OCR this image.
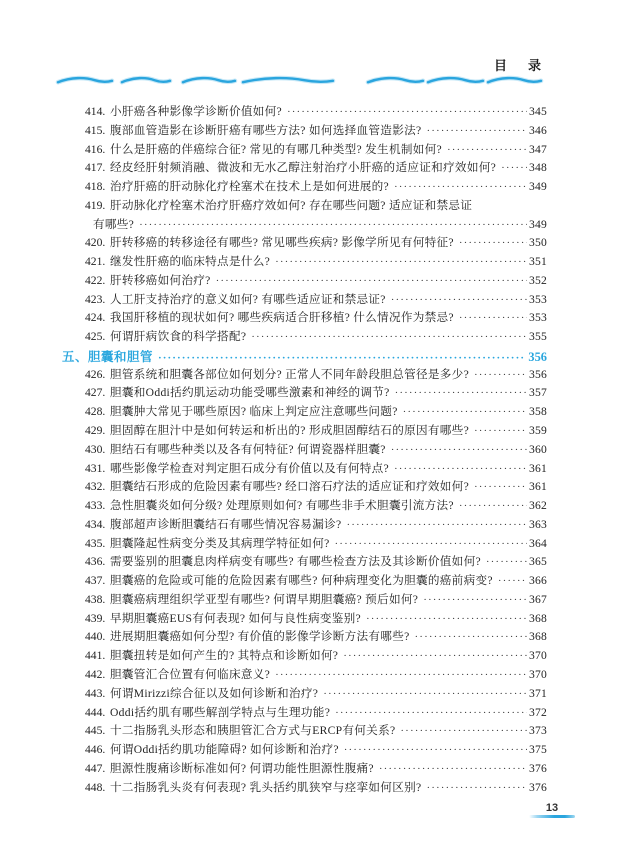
目　录
414. 小肝癌各种影像学诊断价值如何? ·····	345
415. 腹部血管造影在诊断肝癌有哪些方法? 如何选择血管造影法? ·····	346
416. 什么是肝癌的伴癌综合征? 常见的有哪几种类型? 发生机制如何? ·····	347
417. 经皮经肝射频消融、微波和无水乙醇注射治疗小肝癌的适应证和疗效如何? ·····	348
418. 治疗肝癌的肝动脉化疗栓塞术在技术上是如何进展的? ·····	349
419. 肝动脉化疗栓塞术治疗肝癌疗效如何? 存在哪些问题? 适应证和禁忌证
有哪些? ·····	349
420. 肝转移癌的转移途径有哪些? 常见哪些疾病? 影像学所见有何特征? ·····	350
421. 继发性肝癌的临床特点是什么? ·····	351
422. 肝转移癌如何治疗? ·····	352
423. 人工肝支持治疗的意义如何? 有哪些适应证和禁忌证? ·····	353
424. 我国肝移植的现状如何? 哪些疾病适合肝移植? 什么情况作为禁忌? ·····	353
425. 何谓肝病饮食的科学搭配? ·····	355
五、胆囊和胆管 ·····	356
426. 胆管系统和胆囊各部位如何划分? 正常人不同年龄段胆总管径是多少? ·····	356
427. 胆囊和Oddi括约肌运动功能受哪些激素和神经的调节? ·····	357
428. 胆囊肿大常见于哪些原因? 临床上判定应注意哪些问题? ·····	358
429. 胆固醇在胆汁中是如何转运和析出的? 形成胆固醇结石的原因有哪些? ·····	359
430. 胆结石有哪些种类以及各有何特征? 何谓瓷器样胆囊? ·····	360
431. 哪些影像学检查对判定胆石成分有价值以及有何特点? ·····	361
432. 胆囊结石形成的危险因素有哪些? 经口溶石疗法的适应证和疗效如何? ·····	361
433. 急性胆囊炎如何分级? 处理原则如何? 有哪些非手术胆囊引流方法? ·····	362
434. 腹部超声诊断胆囊结石有哪些情况容易漏诊? ·····	363
435. 胆囊隆起性病变分类及其病理学特征如何? ·····	364
436. 需要鉴别的胆囊息肉样病变有哪些? 有哪些检查方法及其诊断价值如何? ·····	365
437. 胆囊癌的危险或可能的危险因素有哪些? 何种病理变化为胆囊的癌前病变? ·····	366
438. 胆囊癌病理组织学亚型有哪些? 何谓早期胆囊癌? 预后如何? ·····	367
439. 早期胆囊癌EUS有何表现? 如何与良性病变鉴别? ·····	368
440. 进展期胆囊癌如何分型? 有价值的影像学诊断方法有哪些? ·····	368
441. 胆囊扭转是如何产生的? 其特点和诊断如何? ·····	370
442. 胆囊管汇合位置有何临床意义? ·····	370
443. 何谓Mirizzi综合征以及如何诊断和治疗? ·····	371
444. Oddi括约肌有哪些解剖学特点与生理功能? ·····	372
445. 十二指肠乳头形态和胰胆管汇合方式与ERCP有何关系? ·····	373
446. 何谓Oddi括约肌功能障碍? 如何诊断和治疗? ·····	375
447. 胆源性腹痛诊断标准如何? 何谓功能性胆源性腹痛? ·····	376
448. 十二指肠乳头炎有何表现? 乳头括约肌狭窄与痉挛如何区别? ·····	376
13
